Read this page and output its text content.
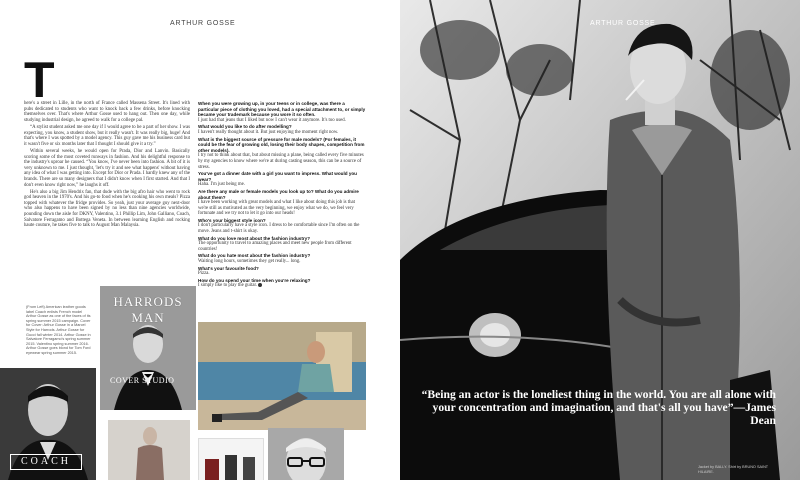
ARTHUR GOSSE
T

here's a street in Lille, in the north of France called Massena Street. It's lined with pubs dedicated to students who want to knock back a few drinks, before knocking themselves over. That's where Arthur Gosse used to hang out. Then one day, while studying industrial design, he agreed to walk for a college pal.

“A stylist student asked me one day if I would agree to be a part of her show. I was expecting, you know, a student show, but it really wasn't. It was really big, huge! And that's where I was spotted by a model agency. This guy gave me his business card but it wasn't five or six months later that I thought I should give it a try.”

Within several weeks, he would open for Prada, Dior and Lanvin. Basically scoring some of the most coveted runways in fashion. And his delightful response to the industry's uproar he caused. “You know, I've never been into fashion. A bit of it is very unknown to me. I just thought, 'let's try it and see what happens' without having any idea of what I was getting into. Except for Dior or Prada. I hardly knew any of the brands. There are so many designers that I didn't know when I first started. And that I don't even know right now,” he laughs it off.

He's also a big Jim Hendrix fan, that dude with the big afro hair who went to rock god heaven in the 1970's. And his go-to food when he's cooking his own meals? Pizza topped with whatever the fridge provides. So yeah, just your average guy next-door who also happens to have been signed by no less than nine agencies worldwide, pounding down the aisle for DKNY, Valentino, 3.1 Phillip Lim, John Galliano, Coach, Salvatore Ferragamo and Bottega Veneta. In between learning English and rocking haute couture, he takes five to talk to August Man Malaysia.

When you were growing up, in your teens or in college, was there a particular piece of clothing you loved, had a special attachment to, or simply became your trademark because you wore it so often.
I just had that jeans that I liked but now I can't wear it anymore. It's too used.
What would you like to do after modelling?
I haven't really thought about it. But just enjoying the moment right now.
What is the biggest source of pressure for male models? (For females, it could be the fear of growing old, losing their body shapes, competition from other models).
I try not to think about that, but about missing a plane, being called every five minutes by my agencies to know where we're at during casting season, this can be a source of stress.
You've got a dinner date with a girl you want to impress. What would you wear?
Haha. I'm just being me.
Are there any male or female models you look up to? What do you admire about them?
I have been working with great models and what I like about doing this job is that we're still as motivated as the very beginning, we enjoy what we do, we feel very fortunate and we try not to let it go into our heads!
Who's your biggest style icon?
I don't particularly have a style icon. I dress to be comfortable since I'm often on the move. Jeans and t-shirt is okay.
What do you love most about the fashion industry?
The opportunity to travel to amazing places and meet new people from different countries!
What do you hate most about the fashion industry?
Waiting long hours, sometimes they get really... long.
What's your favourite food?
Pizza.
How do you spend your time when you're relaxing?
I simply like to play the guitar.
(From Left) American leather goods label Coach enlists French model Arthur Gosse as one of the faces of its spring summer 2015 campaign. Cover for Cover: Arthur Gosse in a Marcel Style for Harrods. Arthur Gosse for Gucci fall winter 2014. Arthur Gosse in Salvatore Ferragamo's spring summer 2015. Valentino spring summer 2016. Arthur Gosse goes blond for Tom Ford eyewear spring summer 2015.
COACH
HARRODS MAN
COVER STUDIO
ARTHUR GOSSE
“Being an actor is the loneliest thing in the world. You are all alone with your concentration and imagination, and that's all you have”—James Dean
Jacket by BALLY. Shirt by BRUNO SAINT HILAIRE.
